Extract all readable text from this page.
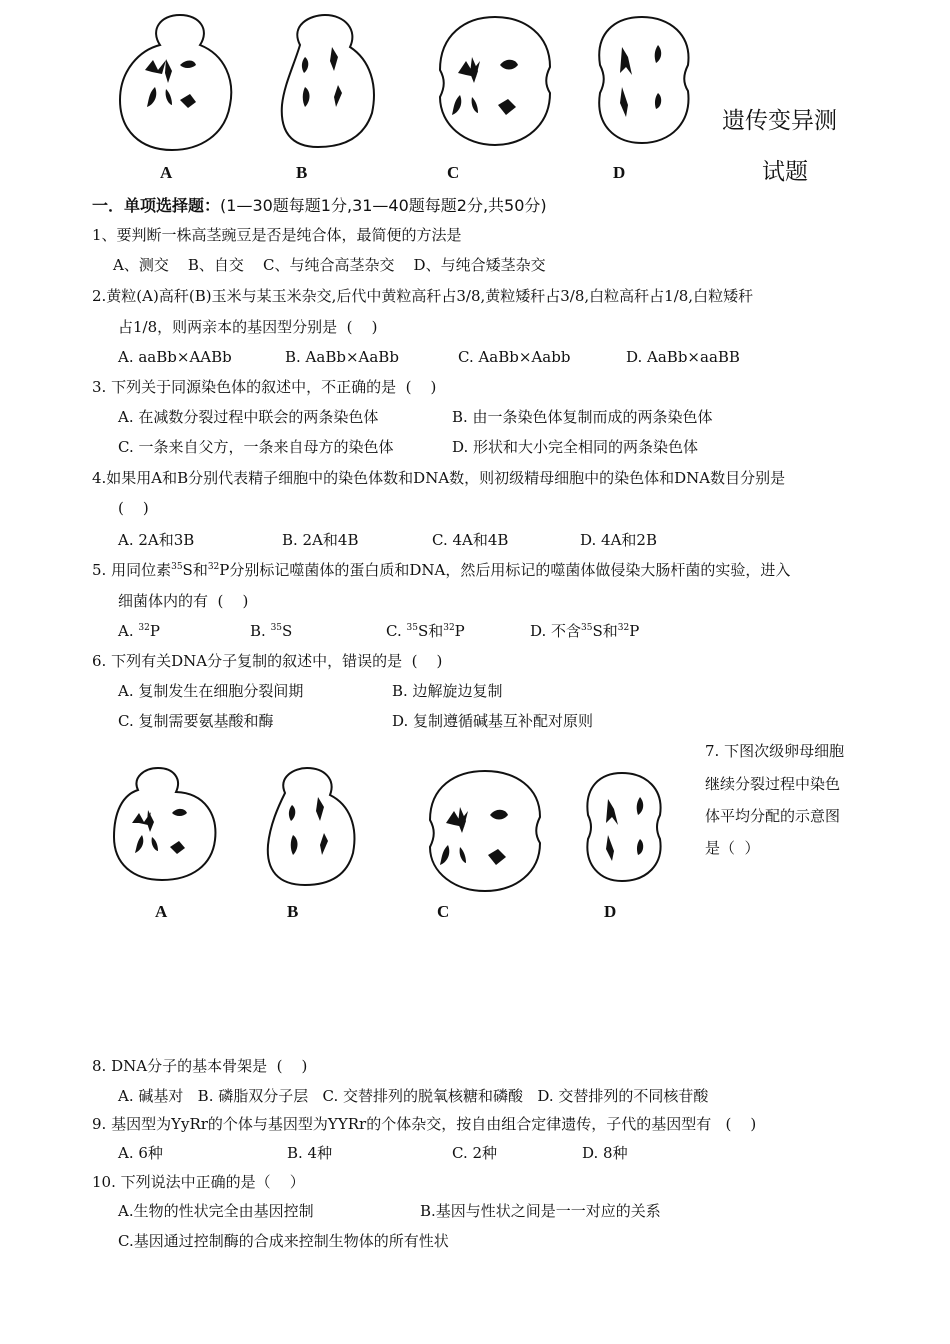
A	B	C	D
遗传变异测
试题
一．单项选择题：(1—30题每题1分,31—40题每题2分,共50分)
1、要判断一株高茎豌豆是否是纯合体，最简便的方法是
A、测交    B、自交    C、与纯合高茎杂交    D、与纯合矮茎杂交
2.黄粒(A)高秆(B)玉米与某玉米杂交,后代中黄粒高秆占3/8,黄粒矮秆占3/8,白粒高秆占1/8,白粒矮秆
占1/8，则两亲本的基因型分别是  (    )
A. aaBb×AABb	B. AaBb×AaBb	C. AaBb×Aabb	D. AaBb×aaBB
3. 下列关于同源染色体的叙述中，不正确的是  (    )
A. 在减数分裂过程中联会的两条染色体	B. 由一条染色体复制而成的两条染色体
C. 一条来自父方，一条来自母方的染色体	D. 形状和大小完全相同的两条染色体
4.如果用A和B分别代表精子细胞中的染色体数和DNA数，则初级精母细胞中的染色体和DNA数目分别是
(    )
A. 2A和3B	B. 2A和4B	C. 4A和4B	D. 4A和2B
5. 用同位素$^{35}$S和$^{32}$P分别标记噬菌体的蛋白质和DNA，然后用标记的噬菌体做侵染大肠杆菌的实验，进入
细菌体内的有  (    )
A. $^{32}$P	B. $^{35}$S	C. $^{35}$S和$^{32}$P	D. 不含$^{35}$S和$^{32}$P
6. 下列有关DNA分子复制的叙述中，错误的是  (    )
A. 复制发生在细胞分裂间期	B. 边解旋边复制
C. 复制需要氨基酸和酶	D. 复制遵循碱基互补配对原则
7. 下图次级卵母细胞
继续分裂过程中染色
体平均分配的示意图
是（  ）
A	B	C	D
8. DNA分子的基本骨架是  (    )
A. 碱基对   B. 磷脂双分子层   C. 交替排列的脱氧核糖和磷酸   D. 交替排列的不同核苷酸
9. 基因型为YyRr的个体与基因型为YYRr的个体杂交，按自由组合定律遗传，子代的基因型有   (    )
A. 6种	B. 4种	C. 2种	D. 8种
10. 下列说法中正确的是（    ）
A.生物的性状完全由基因控制	B.基因与性状之间是一一对应的关系
C.基因通过控制酶的合成来控制生物体的所有性状
